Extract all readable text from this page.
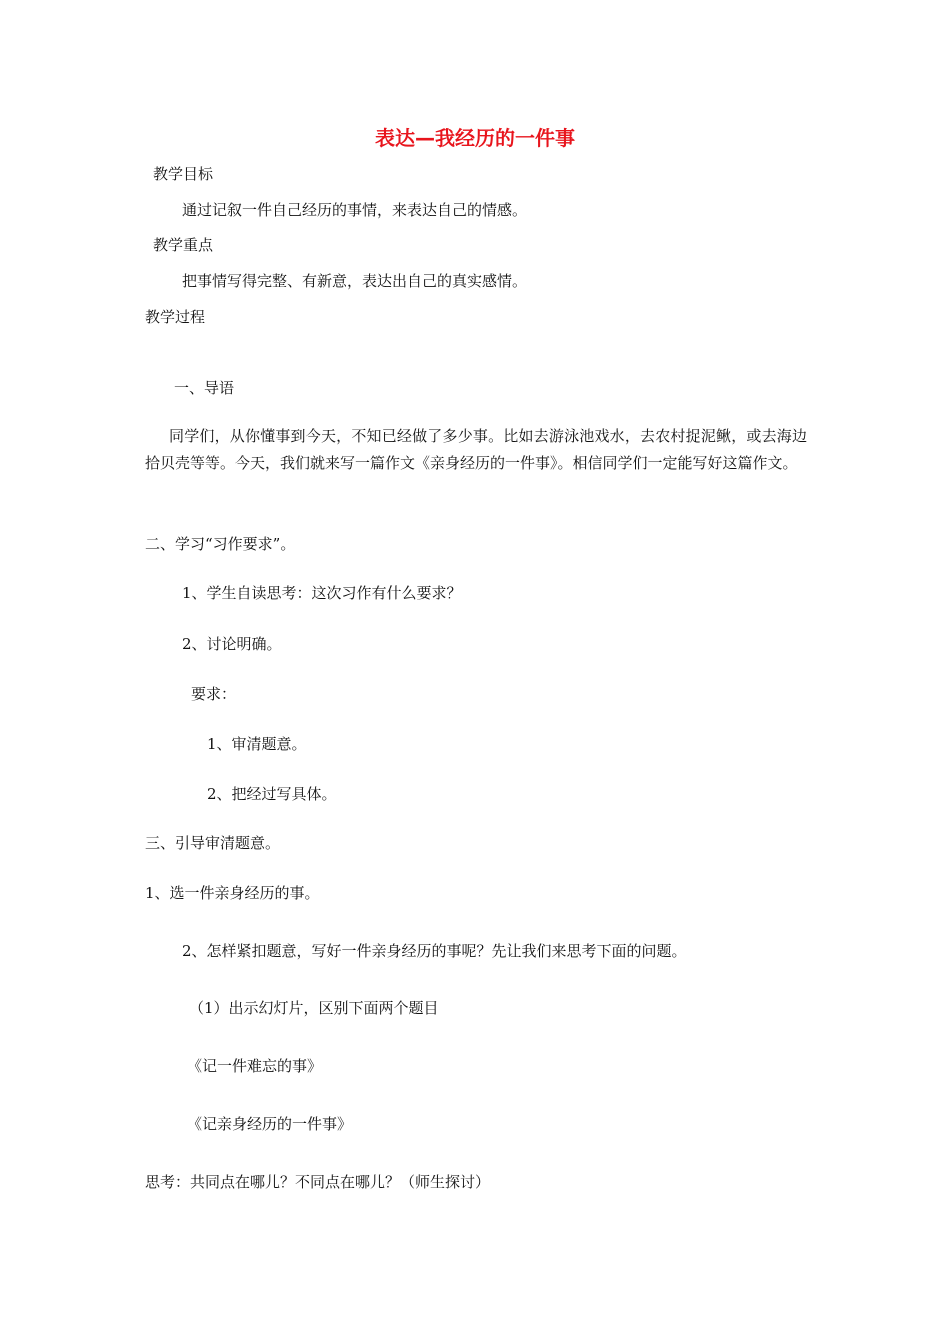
表达—我经历的一件事
教学目标
通过记叙一件自己经历的事情，来表达自己的情感。
教学重点
把事情写得完整、有新意，表达出自己的真实感情。
教学过程
一、导语
同学们，从你懂事到今天，不知已经做了多少事。比如去游泳池戏水，去农村捉泥鳅，或去海边拾贝壳等等。今天，我们就来写一篇作文《亲身经历的一件事》。相信同学们一定能写好这篇作文。
二、学习“习作要求”。
1、学生自读思考：这次习作有什么要求？
2、讨论明确。
要求：
1、审清题意。
2、把经过写具体。
三、引导审清题意。
1、选一件亲身经历的事。
2、怎样紧扣题意，写好一件亲身经历的事呢？先让我们来思考下面的问题。
（1）出示幻灯片，区别下面两个题目
《记一件难忘的事》
《记亲身经历的一件事》
思考：共同点在哪儿？不同点在哪儿？（师生探讨）
